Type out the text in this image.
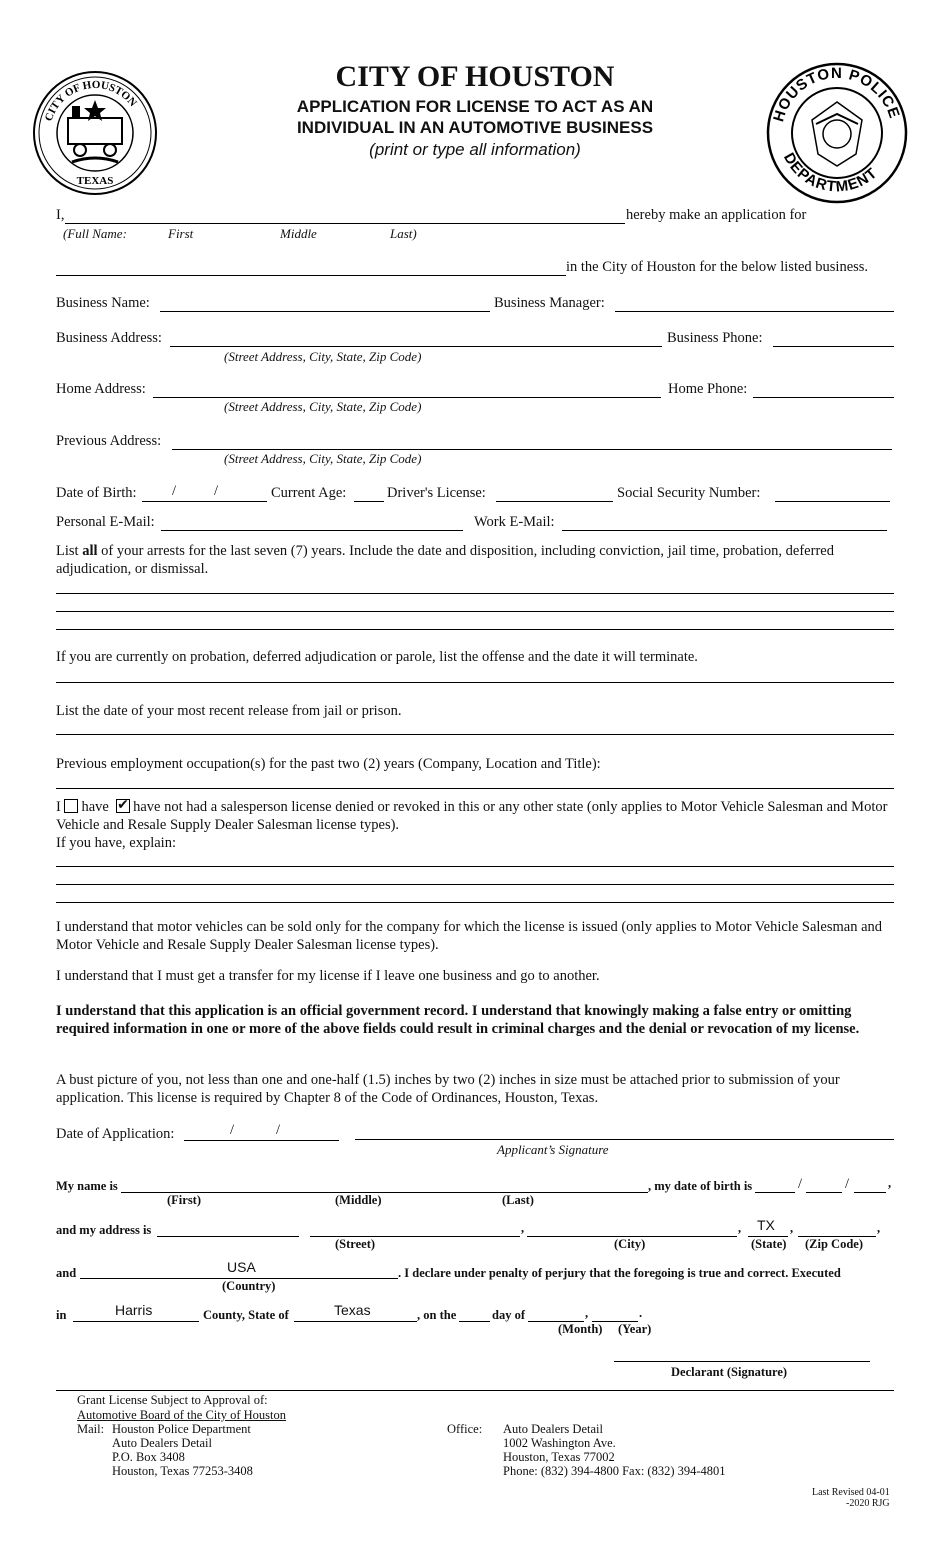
CITY OF HOUSTON
TEXAS
CITY OF HOUSTON
APPLICATION FOR LICENSE TO ACT AS AN
INDIVIDUAL IN AN AUTOMOTIVE BUSINESS
(print or type all information)
HOUSTON POLICE
DEPARTMENT
I,	hereby make an application for
(Full Name:	First	Middle	Last)
in the City of Houston for the below listed business.
Business Name:	Business Manager:
Business Address:	Business Phone:
(Street Address, City, State, Zip Code)
Home Address:	Home Phone:
(Street Address, City, State, Zip Code)
Previous Address:
(Street Address, City, State, Zip Code)
Date of Birth: /	/	Current Age:	Driver's License:	Social Security Number:
Personal E-Mail:	Work E-Mail:
List all of your arrests for the last seven (7) years. Include the date and disposition, including conviction, jail time, probation, deferred adjudication, or dismissal.
If you are currently on probation, deferred adjudication or parole, list the offense and the date it will terminate.
List the date of your most recent release from jail or prison.
Previous employment occupation(s) for the past two (2) years (Company, Location and Title):
I have ✔ have not had a salesperson license denied or revoked in this or any other state (only applies to Motor Vehicle Salesman and Motor Vehicle and Resale Supply Dealer Salesman license types).
If you have, explain:
I understand that motor vehicles can be sold only for the company for which the license is issued (only applies to Motor Vehicle Salesman and Motor Vehicle and Resale Supply Dealer Salesman license types).
I understand that I must get a transfer for my license if I leave one business and go to another.
I understand that this application is an official government record. I understand that knowingly making a false entry or omitting required information in one or more of the above fields could result in criminal charges and the denial or revocation of my license.
A bust picture of you, not less than one and one-half (1.5) inches by two (2) inches in size must be attached prior to submission of your application. This license is required by Chapter 8 of the Code of Ordinances, Houston, Texas.
Date of Application:	/	/
Applicant’s Signature
My name is	, my date of birth is	/	/	,
(First)	(Middle)	(Last)
and my address is	,	, TX ,	,
(Street)	(City)	(State) (Zip Code)
and	USA	. I declare under penalty of perjury that the foregoing is true and correct. Executed
(Country)
in	Harris	County, State of	Texas	, on the	day of	,	.
(Month) (Year)
Declarant (Signature)
Grant License Subject to Approval of:
Automotive Board of the City of Houston
Mail: Houston Police Department
Auto Dealers Detail
P.O. Box 3408
Houston, Texas 77253-3408
Office: Auto Dealers Detail
1002 Washington Ave.
Houston, Texas 77002
Phone: (832) 394-4800 Fax: (832) 394-4801
Last Revised 04-01
-2020 RJG
